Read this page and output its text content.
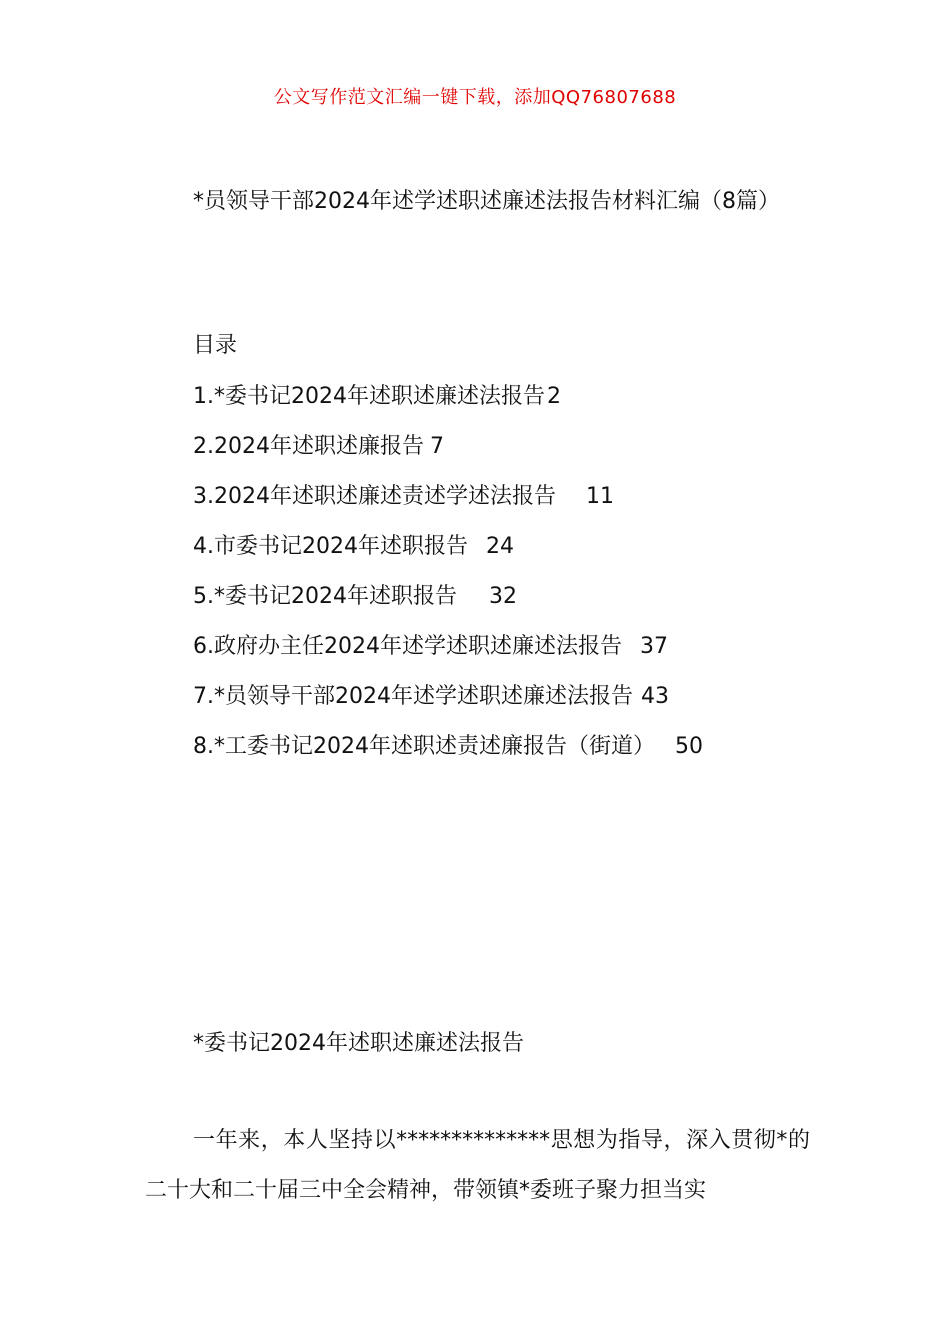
公文写作范文汇编一键下载，添加QQ76807688
*员领导干部2024年述学述职述廉述法报告材料汇编（8篇）
目录
1.*委书记2024年述职述廉述法报告2
2.2024年述职述廉报告 7
3.2024年述职述廉述责述学述法报告 11
4.市委书记2024年述职报告 24
5.*委书记2024年述职报告 32
6.政府办主任2024年述学述职述廉述法报告 37
7.*员领导干部2024年述学述职述廉述法报告 43
8.*工委书记2024年述职述责述廉报告（街道） 50
*委书记2024年述职述廉述法报告

一年来，本人坚持以**************思想为指导，深入贯彻*的二十大和二十届三中全会精神，带领镇*委班子聚力担当实
